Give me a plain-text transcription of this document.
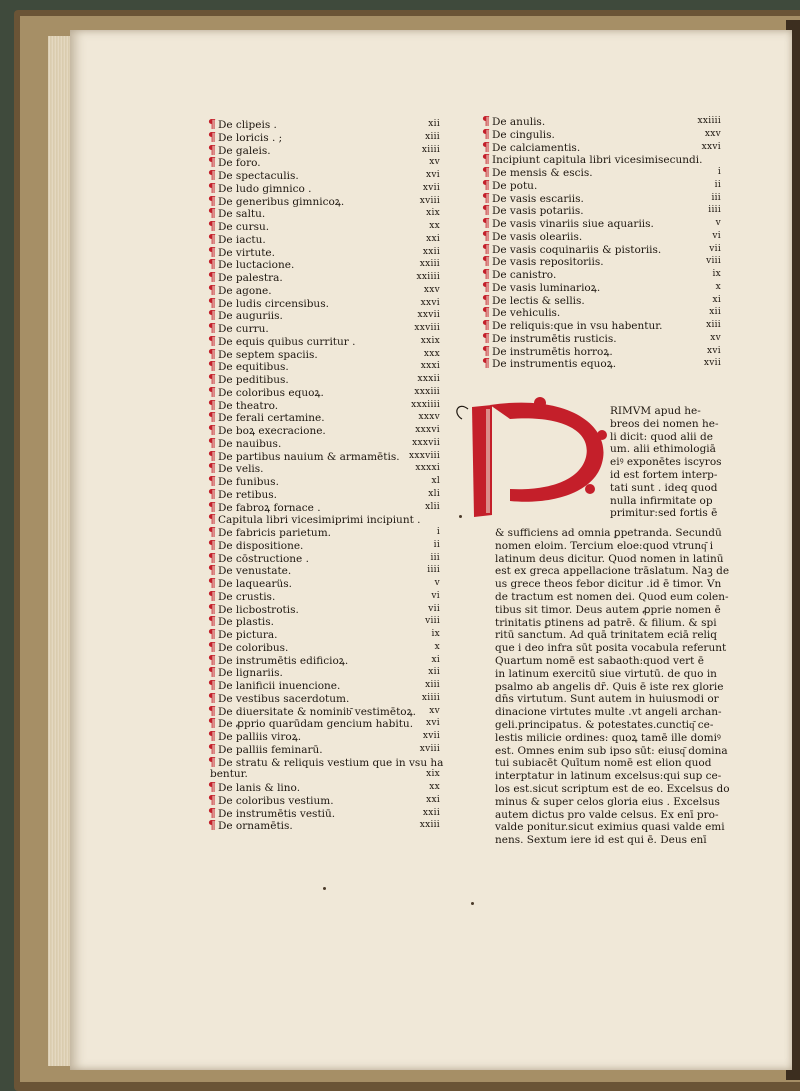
¶ De clipeis .	xii
¶ De loricis . ;	xiii
¶ De galeis.	xiiii
¶ De foro.	xv
¶ De spectaculis.	xvi
¶ De ludo gimnico .	xvii
¶ De generibus gimnicoꝝ.	xviii
¶ De saltu.	xix
¶ De cursu.	xx
¶ De iactu.	xxi
¶ De virtute.	xxii
¶ De luctacione.	xxiii
¶ De palestra.	xxiiii
¶ De agone.	xxv
¶ De ludis circensibus.	xxvi
¶ De auguriis.	xxvii
¶ De curru.	xxviii
¶ De equis quibus curritur .	xxix
¶ De septem spaciis.	xxx
¶ De equitibus.	xxxi
¶ De peditibus.	xxxii
¶ De coloribus equoꝝ.	xxxiii
¶ De theatro.	xxxiiii
¶ De ferali certamine.	xxxv
¶ De boꝝ execracione.	xxxvi
¶ De nauibus.	xxxvii
¶ De partibus nauium & armamētis. xxxviii
¶ De velis.	xxxxi
¶ De funibus.	xl
¶ De retibus.	xli
¶ De fabroꝝ fornace .	xlii
¶ Capitula libri vicesimiprimi incipiunt .
¶ De fabricis parietum.	i
¶ De dispositione.	ii
¶ De cōstructione .	iii
¶ De venustate.	iiii
¶ De laquearüs.	v
¶ De crustis.	vi
¶ De licbostrotis.	vii
¶ De plastis.	viii
¶ De pictura.	ix
¶ De coloribus.	x
¶ De instrumētis edificioꝝ.	xi
¶ De lignariis.	xii
¶ De lanificii inuencione.	xiii
¶ De vestibus sacerdotum.	xiiii
¶ De diuersitate & nominib͂ vestimētoꝝ. xv
¶ De ꝓprio quarūdam gencium habitu. xvi
¶ De palliis viroꝝ.	xvii
¶ De palliis feminarū.	xviii
¶ De stratu & reliquis vestium que in vsu ha
bentur.	xix
¶ De lanis & lino.	xx
¶ De coloribus vestium.	xxi
¶ De instrumētis vestiū.	xxii
¶ De ornamētis.	xxiii
¶ De anulis.	xxiiii
¶ De cingulis.	xxv
¶ De calciamentis.	xxvi
¶ Incipiunt capitula libri vicesimisecundi.
¶ De mensis & escis.	i
¶ De potu.	ii
¶ De vasis escariis.	iii
¶ De vasis potariis.	iiii
¶ De vasis vinariis siue aquariis.	v
¶ De vasis oleariis.	vi
¶ De vasis coquinariis & pistoriis.	vii
¶ De vasis repositoriis.	viii
¶ De canistro.	ix
¶ De vasis luminarioꝝ.	x
¶ De lectis & sellis.	xi
¶ De vehiculis.	xii
¶ De reliquis:que in vsu habentur.	xiii
¶ De instrumētis rusticis.	xv
¶ De instrumētis horroꝝ.	xvi
¶ De instrumentis equoꝝ.	xvii
RIMVM apud he-
breos dei nomen he-
li dicit: quod alii de
um. alii ethimologiā
eiꝰ exponētes iscyros
id est fortem interp-
tati sunt . ideq quod
nulla infirmitate op
primitur:sed fortis ē
& sufficiens ad omnia ꝑpetranda. Secundū
nomen eloim. Tercium eloe:quod vtrunq͂ i
latinum deus dicitur. Quod nomen in latinū
est ex greca appellacione trāslatum. Naꝫ de
us grece theos febor dicitur .id ē timor. Vn
de tractum est nomen dei. Quod eum colen-
tibus sit timor. Deus autem ꝓprie nomen ē
trinitatis ꝑtinens ad patrē. & filium. & spi
ritū sanctum. Ad quā trinitatem eciā reliq
que i deo infra sūt posita vocabula referunt
Quartum nomē est sabaoth:quod vert ē
in latinum exercitū siue virtutū. de quo in
psalmo ab angelis dr̄. Quis ē iste rex glorie
dn̄s virtutum. Sunt autem in huiusmodi or
dinacione virtutes multe .vt angeli archan-
geli.principatus. & potestates.cunctiq͂ ce-
lestis milicie ordines: quoꝝ tamē ille domiꝰ
est. Omnes enim sub ipso sūt: eiusq͂ domina
tui subiacēt Quītum nomē est elion quod
interptatur in latinum excelsus:qui sup ce-
los est.sicut scriptum est de eo. Excelsus do
minus & super celos gloria eius . Excelsus
autem dictus pro valde celsus. Ex enī pro-
valde ponitur.sicut eximius quasi valde emi
nens. Sextum iere id est qui ē. Deus enī
